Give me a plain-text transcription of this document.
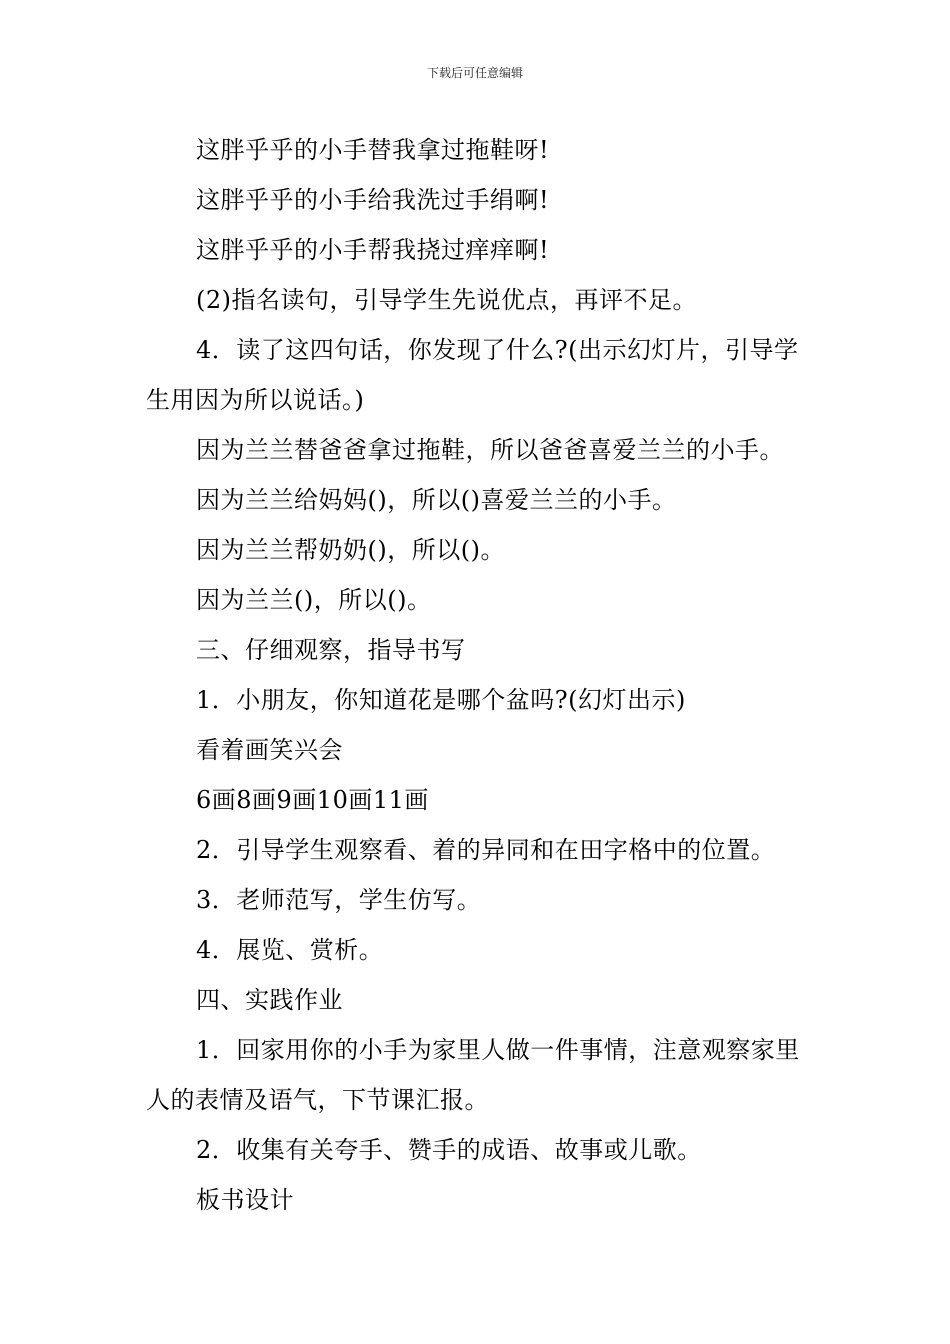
下载后可任意编辑

这胖乎乎的小手替我拿过拖鞋呀!

这胖乎乎的小手给我洗过手绢啊!

这胖乎乎的小手帮我挠过痒痒啊!

(2)指名读句，引导学生先说优点，再评不足。

4．读了这四句话，你发现了什么?(出示幻灯片，引导学生用因为所以说话。)

因为兰兰替爸爸拿过拖鞋，所以爸爸喜爱兰兰的小手。

因为兰兰给妈妈()，所以()喜爱兰兰的小手。

因为兰兰帮奶奶()，所以()。

因为兰兰()，所以()。

三、仔细观察，指导书写

1．小朋友，你知道花是哪个盆吗?(幻灯出示)

看着画笑兴会

6画8画9画10画11画

2．引导学生观察看、着的异同和在田字格中的位置。

3．老师范写，学生仿写。

4．展览、赏析。

四、实践作业

1．回家用你的小手为家里人做一件事情，注意观察家里人的表情及语气，下节课汇报。

2．收集有关夸手、赞手的成语、故事或儿歌。

板书设计
